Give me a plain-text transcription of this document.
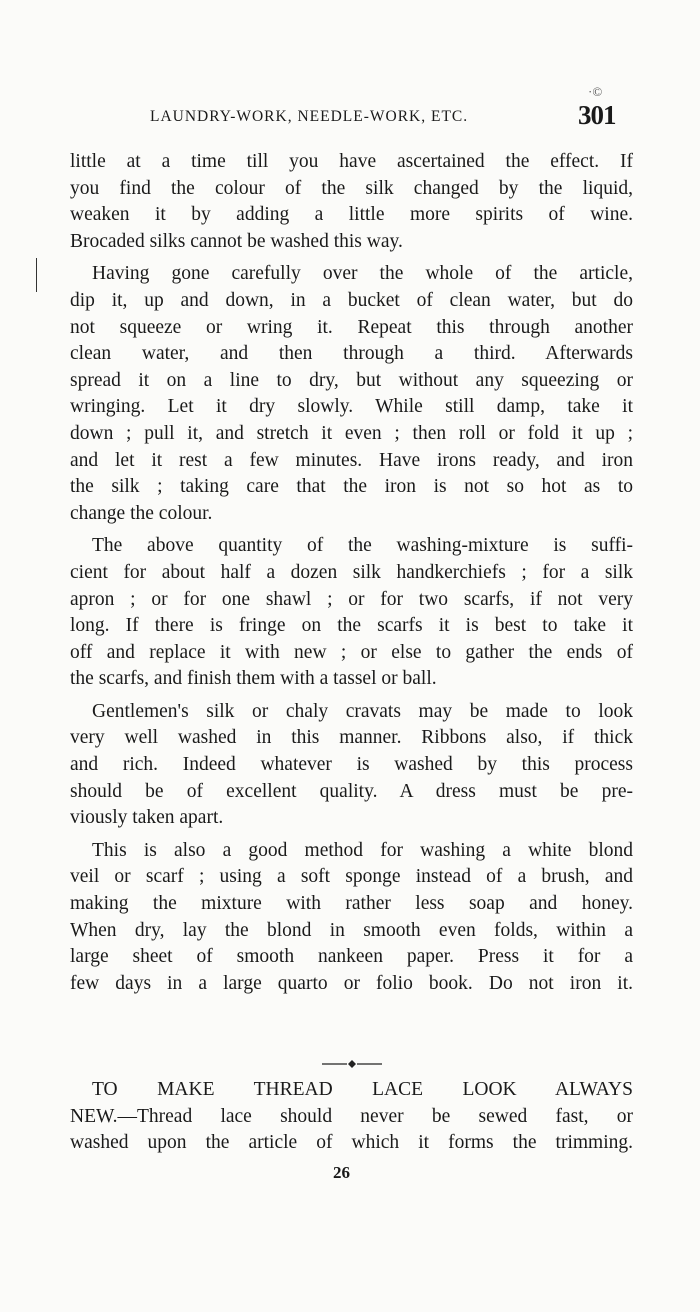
LAUNDRY-WORK, NEEDLE-WORK, ETC.
·©
301
little at a time till you have ascertained the effect. If
you find the colour of the silk changed by the liquid,
weaken it by adding a little more spirits of wine.
Brocaded silks cannot be washed this way.
Having gone carefully over the whole of the article,
dip it, up and down, in a bucket of clean water, but do
not squeeze or wring it. Repeat this through another
clean water, and then through a third. Afterwards
spread it on a line to dry, but without any squeezing or
wringing. Let it dry slowly. While still damp, take it
down ; pull it, and stretch it even ; then roll or fold it up ;
and let it rest a few minutes. Have irons ready, and iron
the silk ; taking care that the iron is not so hot as to
change the colour.
The above quantity of the washing-mixture is suffi-
cient for about half a dozen silk handkerchiefs ; for a silk
apron ; or for one shawl ; or for two scarfs, if not very
long. If there is fringe on the scarfs it is best to take it
off and replace it with new ; or else to gather the ends of
the scarfs, and finish them with a tassel or ball.
Gentlemen's silk or chaly cravats may be made to look
very well washed in this manner. Ribbons also, if thick
and rich. Indeed whatever is washed by this process
should be of excellent quality. A dress must be pre-
viously taken apart.
This is also a good method for washing a white blond
veil or scarf ; using a soft sponge instead of a brush, and
making the mixture with rather less soap and honey.
When dry, lay the blond in smooth even folds, within a
large sheet of smooth nankeen paper. Press it for a
few days in a large quarto or folio book. Do not iron it.
TO MAKE THREAD LACE LOOK ALWAYS
NEW.—Thread lace should never be sewed fast, or
washed upon the article of which it forms the trimming.
26
